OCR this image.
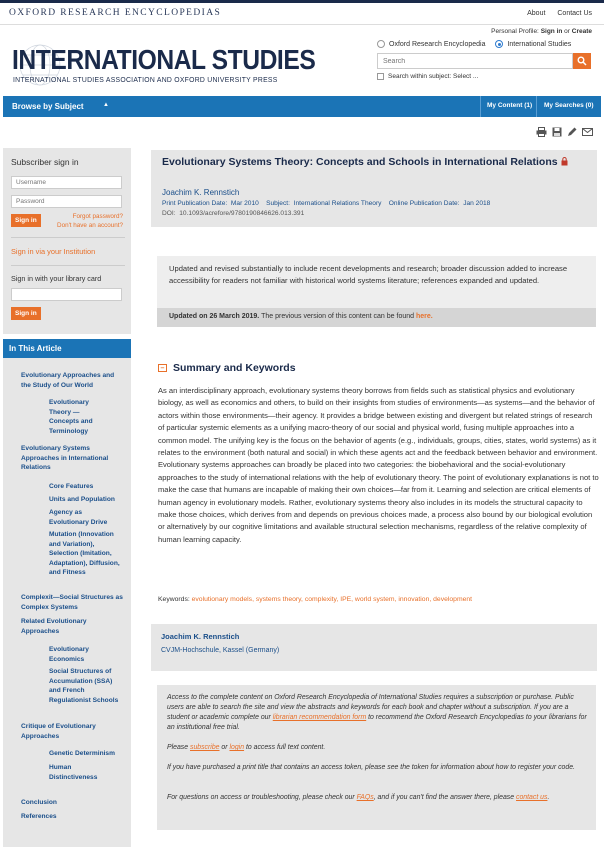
OXFORD RESEARCH ENCYCLOPEDIAS	About Contact Us
Personal Profile: Sign in or Create
INTERNATIONAL STUDIES
INTERNATIONAL STUDIES ASSOCIATION AND OXFORD UNIVERSITY PRESS
Oxford Research Encyclopedia
	International Studies
Search
Search within subject:
Select ...
Browse by Subject	▲	My Content (1)	My Searches (0)
Subscriber sign in
Username
Password
Sign in
Forgot password?
Don't have an account?
Sign in via your Institution
Sign in with your library card
Sign in
In This Article
Evolutionary Approaches and the Study of Our World
Evolutionary Theory —Concepts and Terminology
Evolutionary Systems Approaches in International Relations
Core Features
Units and Population
Agency as Evolutionary Drive
Mutation (Innovation and Variation), Selection (Imitation, Adaptation), Diffusion, and Fitness
Complexit—Social Structures as Complex Systems
Related Evolutionary Approaches
Evolutionary Economics
Social Structures of Accumulation (SSA) and French Regulationist Schools
Critique of Evolutionary Approaches
Genetic Determinism
Human Distinctiveness
Conclusion
References
Evolutionary Systems Theory: Concepts and Schools in International Relations
Joachim K. Rennstich
Print Publication Date: Mar 2010 Subject: International Relations Theory Online Publication Date: Jan 2018
DOI: 10.1093/acrefore/9780190846626.013.391
Updated and revised substantially to include recent developments and research; broader discussion added to increase accessibility for readers not familiar with historical world systems literature; references expanded and updated.
Updated on 26 March 2019. The previous version of this content can be found here.
– Summary and Keywords
As an interdisciplinary approach, evolutionary systems theory borrows from fields such as statistical physics and evolutionary biology, as well as economics and others, to build on their insights from studies of environments—as systems—and the behavior of actors within those environments—their agency. It provides a bridge between existing and divergent but related strings of research of particular systemic elements as a unifying macro-theory of our social and physical world, fusing multiple approaches into a common model. The unifying key is the focus on the behavior of agents (e.g., individuals, groups, cities, states, world systems) as it relates to the environment (both natural and social) in which these agents act and the feedback between behavior and environment. Evolutionary systems approaches can broadly be placed into two categories: the biobehavioral and the social-evolutionary approaches to the study of international relations with the help of evolutionary theory. The point of evolutionary explanations is not to make the case that humans are incapable of making their own choices—far from it. Learning and selection are critical elements of human agency in evolutionary models. Rather, evolutionary systems theory also includes in its models the structural capacity to make those choices, which derives from and depends on previous choices made, a process also bound by our biological evolution or alternatively by our cognitive limitations and available structural selection mechanisms, regardless of the relative complexity of human learning capacity.
Keywords: evolutionary models, systems theory, complexity, IPE, world system, innovation, development
Joachim K. Rennstich
CVJM-Hochschule, Kassel (Germany)
Access to the complete content on Oxford Research Encyclopedia of International Studies requires a subscription or purchase. Public users are able to search the site and view the abstracts and keywords for each book and chapter without a subscription. If you are a student or academic complete our librarian recommendation form to recommend the Oxford Research Encyclopedias to your librarians for an institutional free trial.
Please subscribe or login to access full text content.
If you have purchased a print title that contains an access token, please see the token for information about how to register your code.
For questions on access or troubleshooting, please check our FAQs, and if you can't find the answer there, please contact us.
